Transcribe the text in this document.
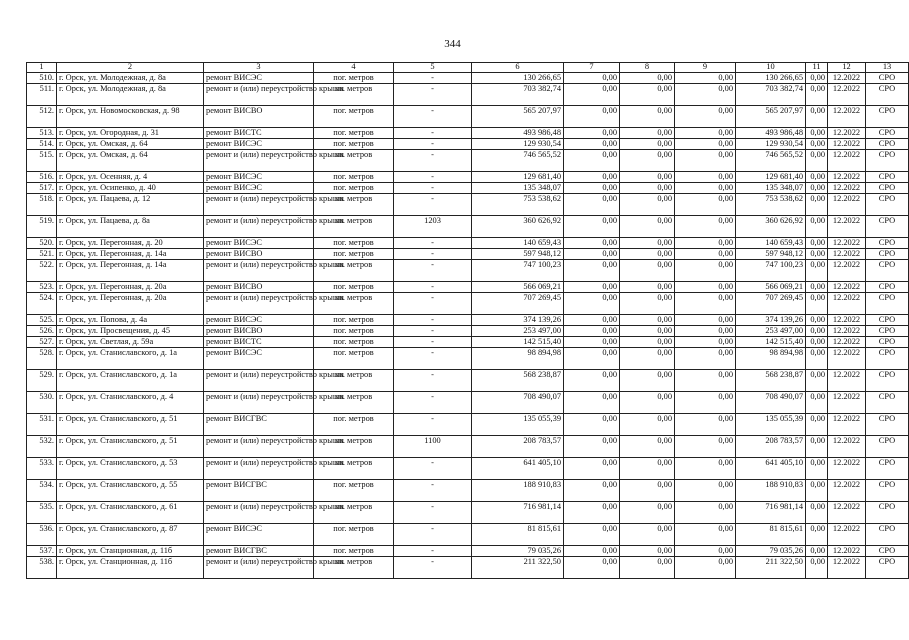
344
1	2	3	4	5	6	7	8	9	10	11	12	13
510.	г. Орск, ул. Молодежная, д. 8а	ремонт ВИСЭС	пог. метров	-	130 266,65	0,00	0,00	0,00	130 266,65	0,00	12.2022	СРО
511.	г. Орск, ул. Молодежная, д. 8а	ремонт и (или) переустройство крыши	кв. метров	-	703 382,74	0,00	0,00	0,00	703 382,74	0,00	12.2022	СРО
512.	г. Орск, ул. Новомосковская, д. 98	ремонт ВИСВО	пог. метров	-	565 207,97	0,00	0,00	0,00	565 207,97	0,00	12.2022	СРО
513.	г. Орск, ул. Огородная, д. 31	ремонт ВИСТС	пог. метров	-	493 986,48	0,00	0,00	0,00	493 986,48	0,00	12.2022	СРО
514.	г. Орск, ул. Омская, д. 64	ремонт ВИСЭС	пог. метров	-	129 930,54	0,00	0,00	0,00	129 930,54	0,00	12.2022	СРО
515.	г. Орск, ул. Омская, д. 64	ремонт и (или) переустройство крыши	кв. метров	-	746 565,52	0,00	0,00	0,00	746 565,52	0,00	12.2022	СРО
516.	г. Орск, ул. Осенняя, д. 4	ремонт ВИСЭС	пог. метров	-	129 681,40	0,00	0,00	0,00	129 681,40	0,00	12.2022	СРО
517.	г. Орск, ул. Осипенко, д. 40	ремонт ВИСЭС	пог. метров	-	135 348,07	0,00	0,00	0,00	135 348,07	0,00	12.2022	СРО
518.	г. Орск, ул. Пацаева, д. 12	ремонт и (или) переустройство крыши	кв. метров	-	753 538,62	0,00	0,00	0,00	753 538,62	0,00	12.2022	СРО
519.	г. Орск, ул. Пацаева, д. 8а	ремонт и (или) переустройство крыши	кв. метров	1203	360 626,92	0,00	0,00	0,00	360 626,92	0,00	12.2022	СРО
520.	г. Орск, ул. Перегонная, д. 20	ремонт ВИСЭС	пог. метров	-	140 659,43	0,00	0,00	0,00	140 659,43	0,00	12.2022	СРО
521.	г. Орск, ул. Перегонная, д. 14а	ремонт ВИСВО	пог. метров	-	597 948,12	0,00	0,00	0,00	597 948,12	0,00	12.2022	СРО
522.	г. Орск, ул. Перегонная, д. 14а	ремонт и (или) переустройство крыши	кв. метров	-	747 100,23	0,00	0,00	0,00	747 100,23	0,00	12.2022	СРО
523.	г. Орск, ул. Перегонная, д. 20а	ремонт ВИСВО	пог. метров	-	566 069,21	0,00	0,00	0,00	566 069,21	0,00	12.2022	СРО
524.	г. Орск, ул. Перегонная, д. 20а	ремонт и (или) переустройство крыши	кв. метров	-	707 269,45	0,00	0,00	0,00	707 269,45	0,00	12.2022	СРО
525.	г. Орск, ул. Попова, д. 4а	ремонт ВИСЭС	пог. метров	-	374 139,26	0,00	0,00	0,00	374 139,26	0,00	12.2022	СРО
526.	г. Орск, ул. Просвещения, д. 45	ремонт ВИСВО	пог. метров	-	253 497,00	0,00	0,00	0,00	253 497,00	0,00	12.2022	СРО
527.	г. Орск, ул. Светлая, д. 59а	ремонт ВИСТС	пог. метров	-	142 515,40	0,00	0,00	0,00	142 515,40	0,00	12.2022	СРО
528.	г. Орск, ул. Станиславского, д. 1а	ремонт ВИСЭС	пог. метров	-	98 894,98	0,00	0,00	0,00	98 894,98	0,00	12.2022	СРО
529.	г. Орск, ул. Станиславского, д. 1а	ремонт и (или) переустройство крыши	кв. метров	-	568 238,87	0,00	0,00	0,00	568 238,87	0,00	12.2022	СРО
530.	г. Орск, ул. Станиславского, д. 4	ремонт и (или) переустройство крыши	кв. метров	-	708 490,07	0,00	0,00	0,00	708 490,07	0,00	12.2022	СРО
531.	г. Орск, ул. Станиславского, д. 51	ремонт ВИСГВС	пог. метров	-	135 055,39	0,00	0,00	0,00	135 055,39	0,00	12.2022	СРО
532.	г. Орск, ул. Станиславского, д. 51	ремонт и (или) переустройство крыши	кв. метров	1100	208 783,57	0,00	0,00	0,00	208 783,57	0,00	12.2022	СРО
533.	г. Орск, ул. Станиславского, д. 53	ремонт и (или) переустройство крыши	кв. метров	-	641 405,10	0,00	0,00	0,00	641 405,10	0,00	12.2022	СРО
534.	г. Орск, ул. Станиславского, д. 55	ремонт ВИСГВС	пог. метров	-	188 910,83	0,00	0,00	0,00	188 910,83	0,00	12.2022	СРО
535.	г. Орск, ул. Станиславского, д. 61	ремонт и (или) переустройство крыши	кв. метров	-	716 981,14	0,00	0,00	0,00	716 981,14	0,00	12.2022	СРО
536.	г. Орск, ул. Станиславского, д. 87	ремонт ВИСЭС	пог. метров	-	81 815,61	0,00	0,00	0,00	81 815,61	0,00	12.2022	СРО
537.	г. Орск, ул. Станционная, д. 11б	ремонт ВИСГВС	пог. метров	-	79 035,26	0,00	0,00	0,00	79 035,26	0,00	12.2022	СРО
538.	г. Орск, ул. Станционная, д. 11б	ремонт и (или) переустройство крыши	кв. метров	-	211 322,50	0,00	0,00	0,00	211 322,50	0,00	12.2022	СРО
